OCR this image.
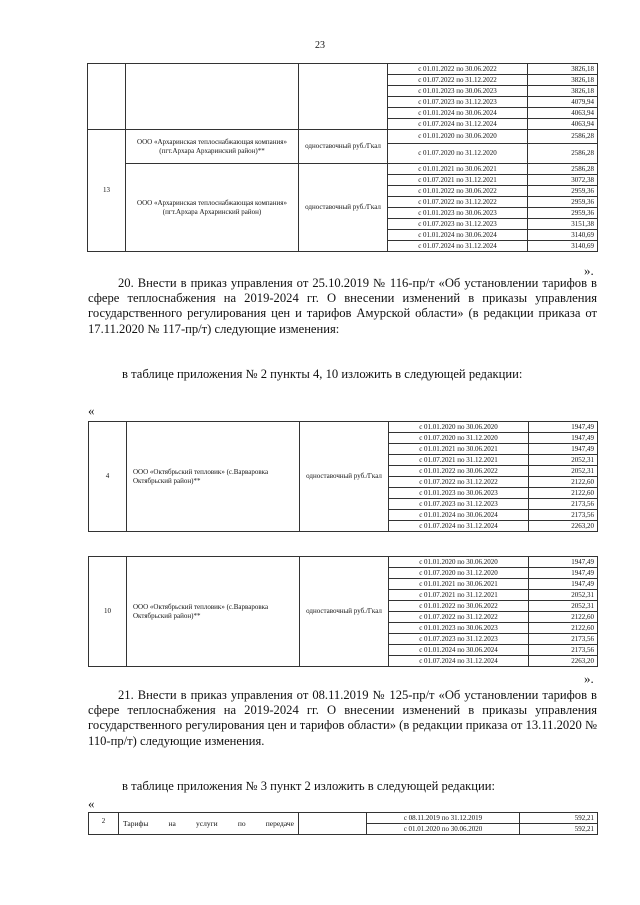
23
			с 01.01.2022 по 30.06.2022	3826,18
			с 01.07.2022 по 31.12.2022	3826,18
			с 01.01.2023 по 30.06.2023	3826,18
			с 01.07.2023 по 31.12.2023	4079,94
			с 01.01.2024 по 30.06.2024	4063,94
			с 01.07.2024 по 31.12.2024	4063,94
13	ООО «Архаринская теплоснабжающая компания» (пгт.Архара Архаринский район)**	одноставочный руб./Гкал	с 01.01.2020 по 30.06.2020	2586,28
			с 01.07.2020 по 31.12.2020	2586,28
	ООО «Архаринская теплоснабжающая компания» (пгт.Архара Архаринский район)	одноставочный руб./Гкал	с 01.01.2021 по 30.06.2021	2586,28
			с 01.07.2021 по 31.12.2021	3072,38
			с 01.01.2022 по 30.06.2022	2959,36
			с 01.07.2022 по 31.12.2022	2959,36
			с 01.01.2023 по 30.06.2023	2959,36
			с 01.07.2023 по 31.12.2023	3151,38
			с 01.01.2024 по 30.06.2024	3140,69
			с 01.07.2024 по 31.12.2024	3140,69
».
20. Внести в приказ управления от 25.10.2019 № 116-пр/т «Об установлении тарифов в сфере теплоснабжения на 2019-2024 гг. О внесении изменений в приказы управления государственного регулирования цен и тарифов Амурской области» (в редакции приказа от 17.11.2020 № 117-пр/т) следующие изменения:
в таблице приложения № 2 пункты 4, 10 изложить в следующей редакции:
«
4	ООО «Октябрьский тепловик» (с.Варваровка Октябрьский район)**	одноставочный руб./Гкал	с 01.01.2020 по 30.06.2020	1947,49
			с 01.07.2020 по 31.12.2020	1947,49
			с 01.01.2021 по 30.06.2021	1947,49
			с 01.07.2021 по 31.12.2021	2052,31
			с 01.01.2022 по 30.06.2022	2052,31
			с 01.07.2022 по 31.12.2022	2122,60
			с 01.01.2023 по 30.06.2023	2122,60
			с 01.07.2023 по 31.12.2023	2173,56
			с 01.01.2024 по 30.06.2024	2173,56
			с 01.07.2024 по 31.12.2024	2263,20
10	ООО «Октябрьский тепловик» (с.Варваровка Октябрьский район)**	одноставочный руб./Гкал	с 01.01.2020 по 30.06.2020	1947,49
			с 01.07.2020 по 31.12.2020	1947,49
			с 01.01.2021 по 30.06.2021	1947,49
			с 01.07.2021 по 31.12.2021	2052,31
			с 01.01.2022 по 30.06.2022	2052,31
			с 01.07.2022 по 31.12.2022	2122,60
			с 01.01.2023 по 30.06.2023	2122,60
			с 01.07.2023 по 31.12.2023	2173,56
			с 01.01.2024 по 30.06.2024	2173,56
			с 01.07.2024 по 31.12.2024	2263,20
».
21. Внести в приказ управления от 08.11.2019 № 125-пр/т «Об установлении тарифов в сфере теплоснабжения на 2019-2024 гг. О внесении изменений в приказы управления государственного регулирования цен и тарифов области» (в редакции приказа от 13.11.2020 № 110-пр/т) следующие изменения.
в таблице приложения № 3 пункт 2 изложить в следующей редакции:
«
2	Тарифы на услуги по передаче		с 08.11.2019 по 31.12.2019	592,21
			с 01.01.2020 по 30.06.2020	592,21
